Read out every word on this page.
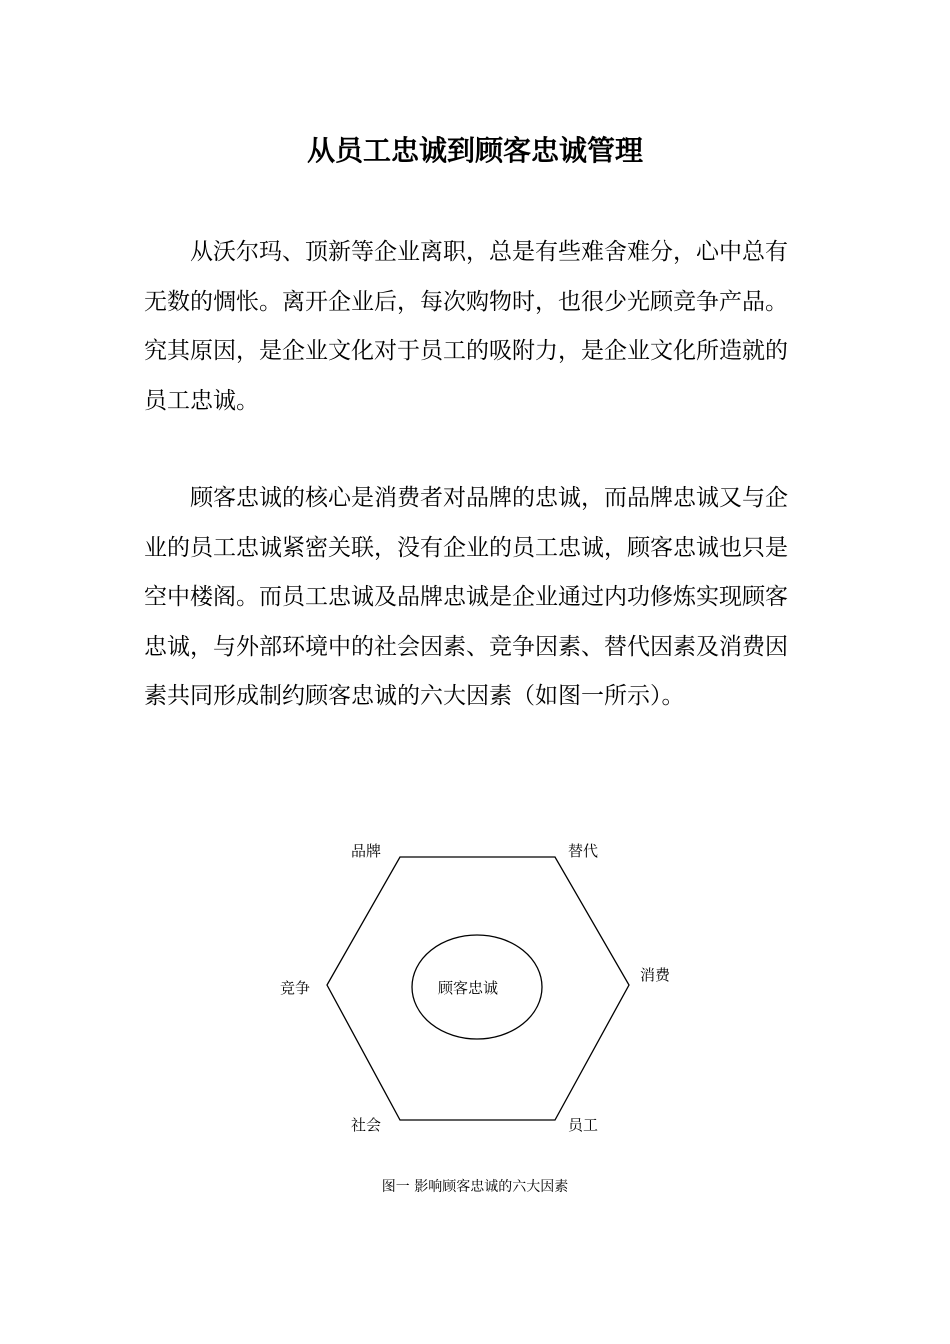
从员工忠诚到顾客忠诚管理

从沃尔玛、顶新等企业离职，总是有些难舍难分，心中总有无数的惆怅。离开企业后，每次购物时，也很少光顾竞争产品。究其原因，是企业文化对于员工的吸附力，是企业文化所造就的员工忠诚。

顾客忠诚的核心是消费者对品牌的忠诚，而品牌忠诚又与企业的员工忠诚紧密关联，没有企业的员工忠诚，顾客忠诚也只是空中楼阁。而员工忠诚及品牌忠诚是企业通过内功修炼实现顾客忠诚，与外部环境中的社会因素、竞争因素、替代因素及消费因素共同形成制约顾客忠诚的六大因素（如图一所示）。

品牌	替代
竞争
消费
社会	员工
顾客忠诚
图一 影响顾客忠诚的六大因素
